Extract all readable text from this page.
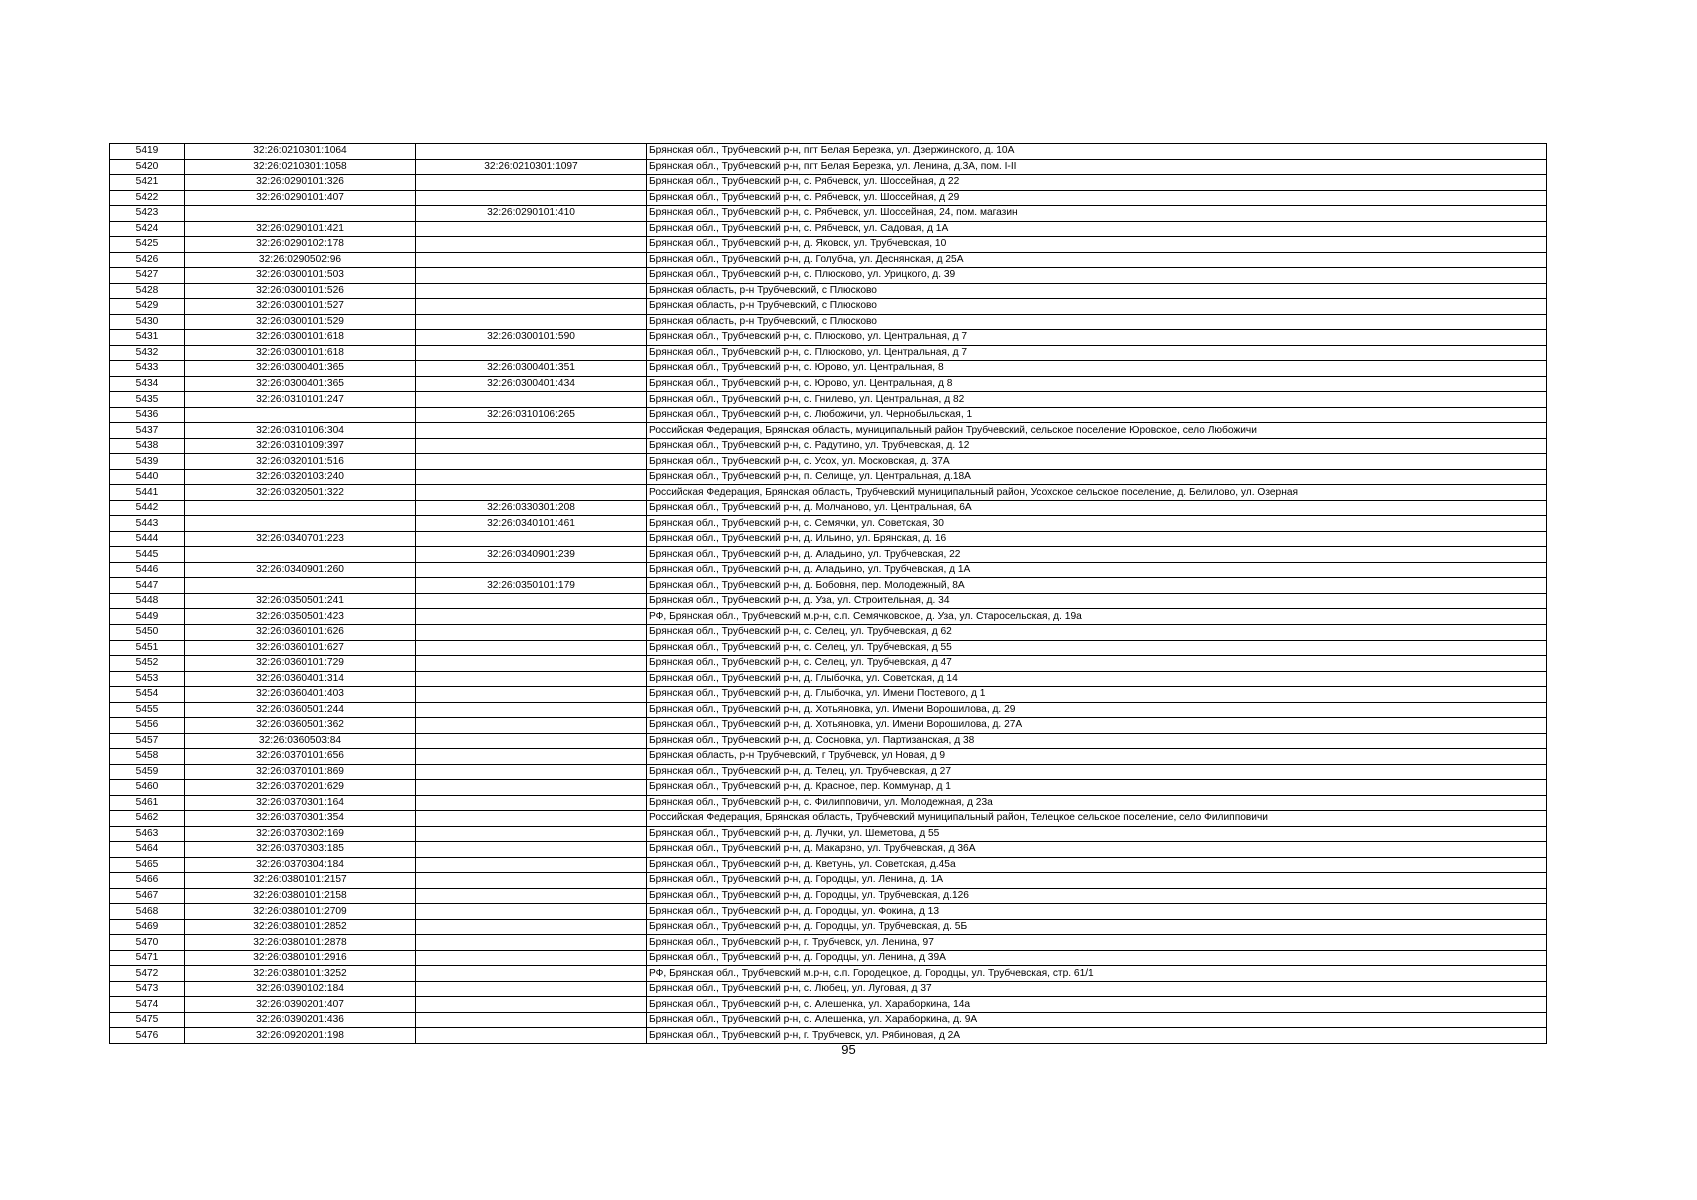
5419	32:26:0210301:1064		Брянская обл., Трубчевский р-н, пгт Белая Березка, ул. Дзержинского, д. 10А
5420	32:26:0210301:1058	32:26:0210301:1097	Брянская обл., Трубчевский р-н, пгт Белая Березка, ул. Ленина, д.3А, пом. I-II
5421	32:26:0290101:326		Брянская обл., Трубчевский р-н, с. Рябчевск, ул. Шоссейная, д 22
5422	32:26:0290101:407		Брянская обл., Трубчевский р-н, с. Рябчевск, ул. Шоссейная, д 29
5423		32:26:0290101:410	Брянская обл., Трубчевский р-н, с. Рябчевск, ул. Шоссейная, 24, пом. магазин
5424	32:26:0290101:421		Брянская обл., Трубчевский р-н, с. Рябчевск, ул. Садовая, д 1А
5425	32:26:0290102:178		Брянская обл., Трубчевский р-н, д. Яковск, ул. Трубчевская, 10
5426	32:26:0290502:96		Брянская обл., Трубчевский р-н, д. Голубча, ул. Деснянская, д 25А
5427	32:26:0300101:503		Брянская обл., Трубчевский р-н, с. Плюсково, ул. Урицкого, д. 39
5428	32:26:0300101:526		Брянская область, р-н Трубчевский, с Плюсково
5429	32:26:0300101:527		Брянская область, р-н Трубчевский, с Плюсково
5430	32:26:0300101:529		Брянская область, р-н Трубчевский, с Плюсково
5431	32:26:0300101:618	32:26:0300101:590	Брянская обл., Трубчевский р-н, с. Плюсково, ул. Центральная, д 7
5432	32:26:0300101:618		Брянская обл., Трубчевский р-н, с. Плюсково, ул. Центральная, д 7
5433	32:26:0300401:365	32:26:0300401:351	Брянская обл., Трубчевский р-н, с. Юрово, ул. Центральная, 8
5434	32:26:0300401:365	32:26:0300401:434	Брянская обл., Трубчевский р-н, с. Юрово, ул. Центральная, д 8
5435	32:26:0310101:247		Брянская обл., Трубчевский р-н, с. Гнилево, ул. Центральная, д 82
5436		32:26:0310106:265	Брянская обл., Трубчевский р-н, с. Любожичи, ул. Чернобыльская, 1
5437	32:26:0310106:304		Российская Федерация, Брянская область, муниципальный район Трубчевский, сельское поселение Юровское, село Любожичи
5438	32:26:0310109:397		Брянская обл., Трубчевский р-н, с. Радутино, ул. Трубчевская, д. 12
5439	32:26:0320101:516		Брянская обл., Трубчевский р-н, с. Усох, ул. Московская, д. 37А
5440	32:26:0320103:240		Брянская обл., Трубчевский р-н, п. Селище, ул. Центральная, д.18А
5441	32:26:0320501:322		Российская Федерация, Брянская область, Трубчевский муниципальный район, Усохское сельское поселение, д. Белилово, ул. Озерная
5442		32:26:0330301:208	Брянская обл., Трубчевский р-н, д. Молчаново, ул. Центральная, 6А
5443		32:26:0340101:461	Брянская обл., Трубчевский р-н, с. Семячки, ул. Советская, 30
5444	32:26:0340701:223		Брянская обл., Трубчевский р-н, д. Ильино, ул. Брянская, д. 16
5445		32:26:0340901:239	Брянская обл., Трубчевский р-н, д. Аладьино, ул. Трубчевская, 22
5446	32:26:0340901:260		Брянская обл., Трубчевский р-н, д. Аладьино, ул. Трубчевская, д 1А
5447		32:26:0350101:179	Брянская обл., Трубчевский р-н, д. Бобовня, пер. Молодежный, 8А
5448	32:26:0350501:241		Брянская обл., Трубчевский р-н, д. Уза, ул. Строительная, д. 34
5449	32:26:0350501:423		РФ, Брянская обл., Трубчевский м.р-н, с.п. Семячковское, д. Уза, ул. Старосельская, д. 19а
5450	32:26:0360101:626		Брянская обл., Трубчевский р-н, с. Селец, ул. Трубчевская, д 62
5451	32:26:0360101:627		Брянская обл., Трубчевский р-н, с. Селец, ул. Трубчевская, д 55
5452	32:26:0360101:729		Брянская обл., Трубчевский р-н, с. Селец, ул. Трубчевская, д 47
5453	32:26:0360401:314		Брянская обл., Трубчевский р-н, д. Глыбочка, ул. Советская, д 14
5454	32:26:0360401:403		Брянская обл., Трубчевский р-н, д. Глыбочка, ул. Имени Постевого, д 1
5455	32:26:0360501:244		Брянская обл., Трубчевский р-н, д. Хотьяновка, ул. Имени Ворошилова, д. 29
5456	32:26:0360501:362		Брянская обл., Трубчевский р-н, д. Хотьяновка, ул. Имени Ворошилова, д. 27А
5457	32:26:0360503:84		Брянская обл., Трубчевский р-н, д. Сосновка, ул. Партизанская, д 38
5458	32:26:0370101:656		Брянская область, р-н Трубчевский, г Трубчевск, ул Новая, д 9
5459	32:26:0370101:869		Брянская обл., Трубчевский р-н, д. Телец, ул. Трубчевская, д 27
5460	32:26:0370201:629		Брянская обл., Трубчевский р-н, д. Красное, пер. Коммунар, д 1
5461	32:26:0370301:164		Брянская обл., Трубчевский р-н, с. Филипповичи, ул. Молодежная, д 23а
5462	32:26:0370301:354		Российская Федерация, Брянская область, Трубчевский муниципальный район, Телецкое сельское поселение, село Филипповичи
5463	32:26:0370302:169		Брянская обл., Трубчевский р-н, д. Лучки, ул. Шеметова, д 55
5464	32:26:0370303:185		Брянская обл., Трубчевский р-н, д. Макарзно, ул. Трубчевская, д 36А
5465	32:26:0370304:184		Брянская обл., Трубчевский р-н, д. Кветунь, ул. Советская, д.45а
5466	32:26:0380101:2157		Брянская обл., Трубчевский р-н, д. Городцы, ул. Ленина, д. 1А
5467	32:26:0380101:2158		Брянская обл., Трубчевский р-н, д. Городцы, ул. Трубчевская, д.126
5468	32:26:0380101:2709		Брянская обл., Трубчевский р-н, д. Городцы, ул. Фокина, д 13
5469	32:26:0380101:2852		Брянская обл., Трубчевский р-н, д. Городцы, ул. Трубчевская, д. 5Б
5470	32:26:0380101:2878		Брянская обл., Трубчевский р-н, г. Трубчевск, ул. Ленина, 97
5471	32:26:0380101:2916		Брянская обл., Трубчевский р-н, д. Городцы, ул. Ленина, д 39А
5472	32:26:0380101:3252		РФ, Брянская обл., Трубчевский м.р-н, с.п. Городецкое, д. Городцы, ул. Трубчевская, стр. 61/1
5473	32:26:0390102:184		Брянская обл., Трубчевский р-н, с. Любец, ул. Луговая, д 37
5474	32:26:0390201:407		Брянская обл., Трубчевский р-н, с. Алешенка, ул. Хараборкина, 14а
5475	32:26:0390201:436		Брянская обл., Трубчевский р-н, с. Алешенка, ул. Хараборкина, д. 9А
5476	32:26:0920201:198		Брянская обл., Трубчевский р-н, г. Трубчевск, ул. Рябиновая, д 2А
95
